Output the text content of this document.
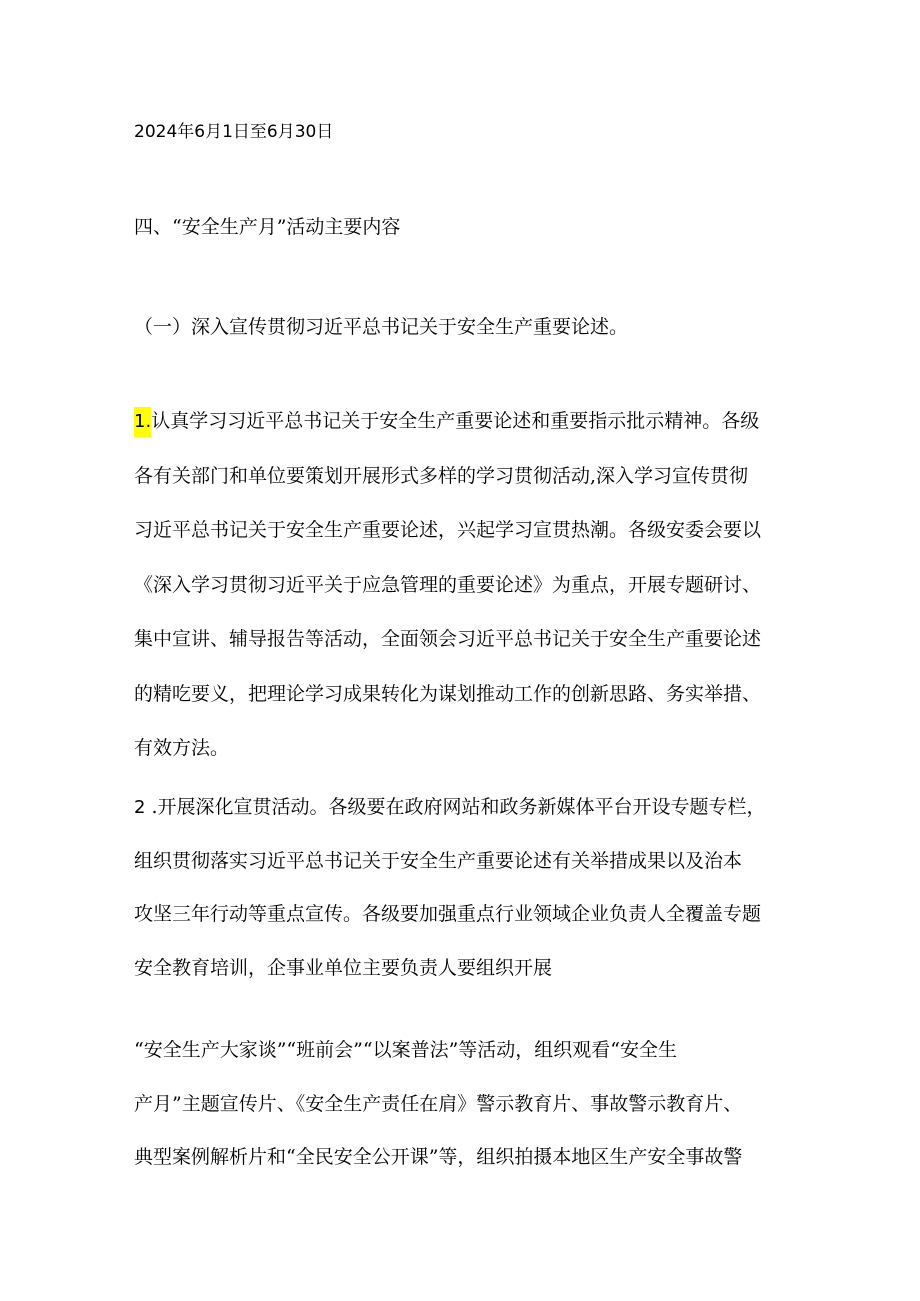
2024年6月1日至6月30日
四、“安全生产月”活动主要内容
（一）深入宣传贯彻习近平总书记关于安全生产重要论述。
1.认真学习习近平总书记关于安全生产重要论述和重要指示批示精神。各级
各有关部门和单位要策划开展形式多样的学习贯彻活动,深入学习宣传贯彻
习近平总书记关于安全生产重要论述，兴起学习宣贯热潮。各级安委会要以
《深入学习贯彻习近平关于应急管理的重要论述》为重点，开展专题研讨、
集中宣讲、辅导报告等活动，全面领会习近平总书记关于安全生产重要论述
的精吃要义，把理论学习成果转化为谋划推动工作的创新思路、务实举措、
有效方法。
2 .开展深化宣贯活动。各级要在政府网站和政务新媒体平台开设专题专栏，
组织贯彻落实习近平总书记关于安全生产重要论述有关举措成果以及治本
攻坚三年行动等重点宣传。各级要加强重点行业领域企业负责人全覆盖专题
安全教育培训，企事业单位主要负责人要组织开展
“安全生产大家谈”“班前会”“以案普法”等活动，组织观看“安全生
产月”主题宣传片、《安全生产责任在肩》警示教育片、事故警示教育片、
典型案例解析片和“全民安全公开课”等，组织拍摄本地区生产安全事故警
